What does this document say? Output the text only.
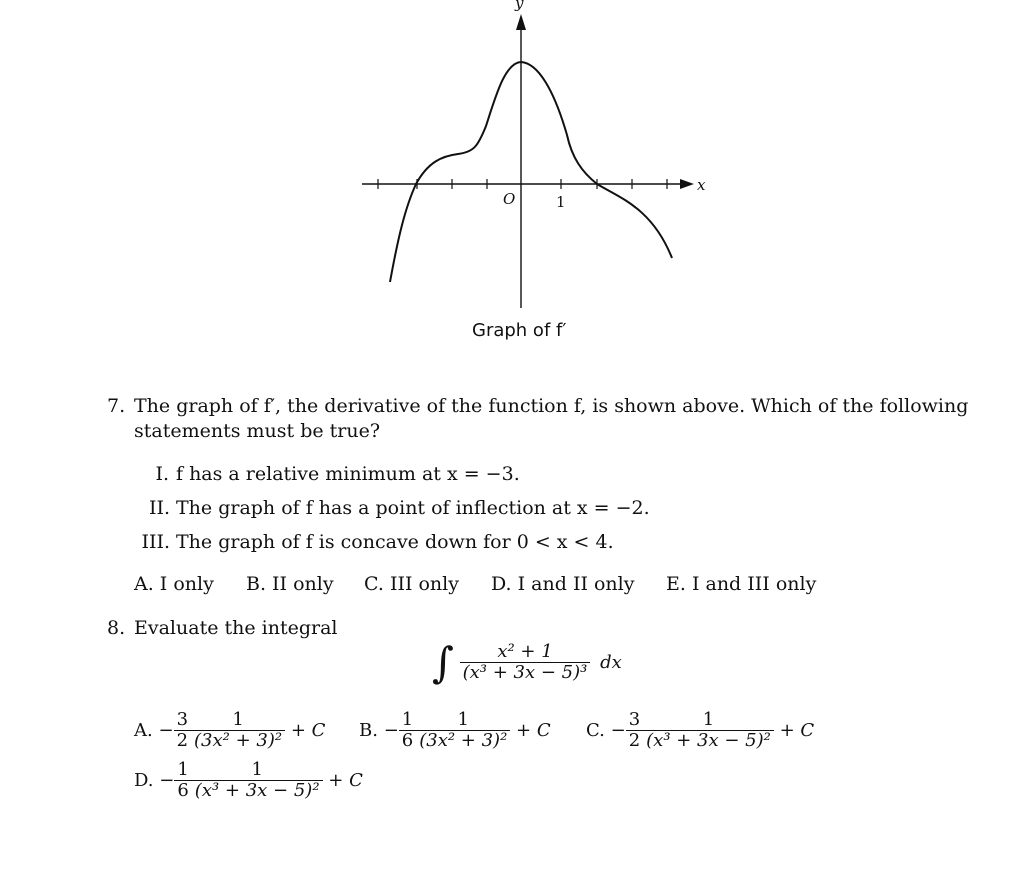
y
x
O	1
Graph of f′
7. The graph of f′, the derivative of the function f, is shown above. Which of the following
statements must be true?
I. f has a relative minimum at x = −3.
II. The graph of f has a point of inflection at x = −2.
III. The graph of f is concave down for 0 < x < 4.
A. I only B. II only C. III only D. I and II only E. I and III only
8. Evaluate the integral
∫ $\frac{\text{x² + 1}}{\text{(x³ + 3x − 5)³}}$ dx
A. − $\frac{3}{2} \frac{1}{\text{(3x² + 3)²}} + C$ B. − $\frac{1}{6} \frac{1}{\text{(3x² + 3)²}} + C$ C. − $\frac{3}{2} \frac{1}{\text{(x³ + 3x − 5)²}} + C$
D. − $\frac{1}{6} \frac{1}{\text{(x³ + 3x − 5)²}} + C$
